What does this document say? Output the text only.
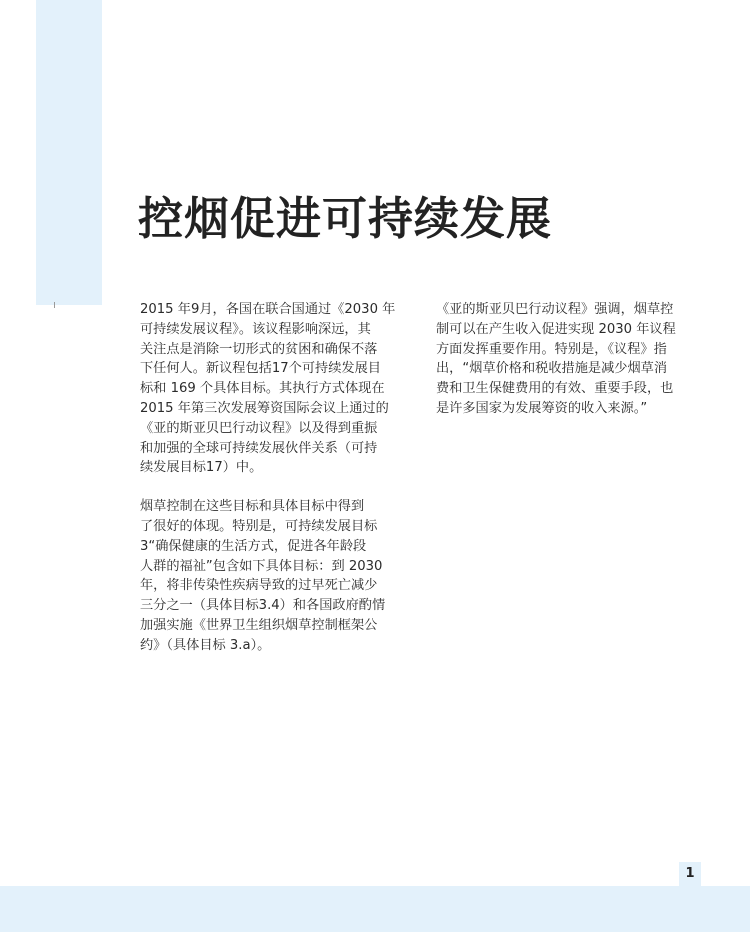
控烟促进可持续发展

2015 年9月，各国在联合国通过《2030 年
可持续发展议程》。该议程影响深远，其
关注点是消除一切形式的贫困和确保不落
下任何人。新议程包括17个可持续发展目
标和 169 个具体目标。其执行方式体现在
2015 年第三次发展筹资国际会议上通过的
《亚的斯亚贝巴行动议程》以及得到重振
和加强的全球可持续发展伙伴关系（可持
续发展目标17）中。

烟草控制在这些目标和具体目标中得到
了很好的体现。特别是，可持续发展目标
3“确保健康的生活方式，促进各年龄段
人群的福祉”包含如下具体目标：到 2030
年，将非传染性疾病导致的过早死亡减少
三分之一（具体目标3.4）和各国政府酌情
加强实施《世界卫生组织烟草控制框架公
约》（具体目标 3.a）。

《亚的斯亚贝巴行动议程》强调，烟草控
制可以在产生收入促进实现 2030 年议程
方面发挥重要作用。特别是，《议程》指
出，“烟草价格和税收措施是减少烟草消
费和卫生保健费用的有效、重要手段，也
是许多国家为发展筹资的收入来源。”

1
